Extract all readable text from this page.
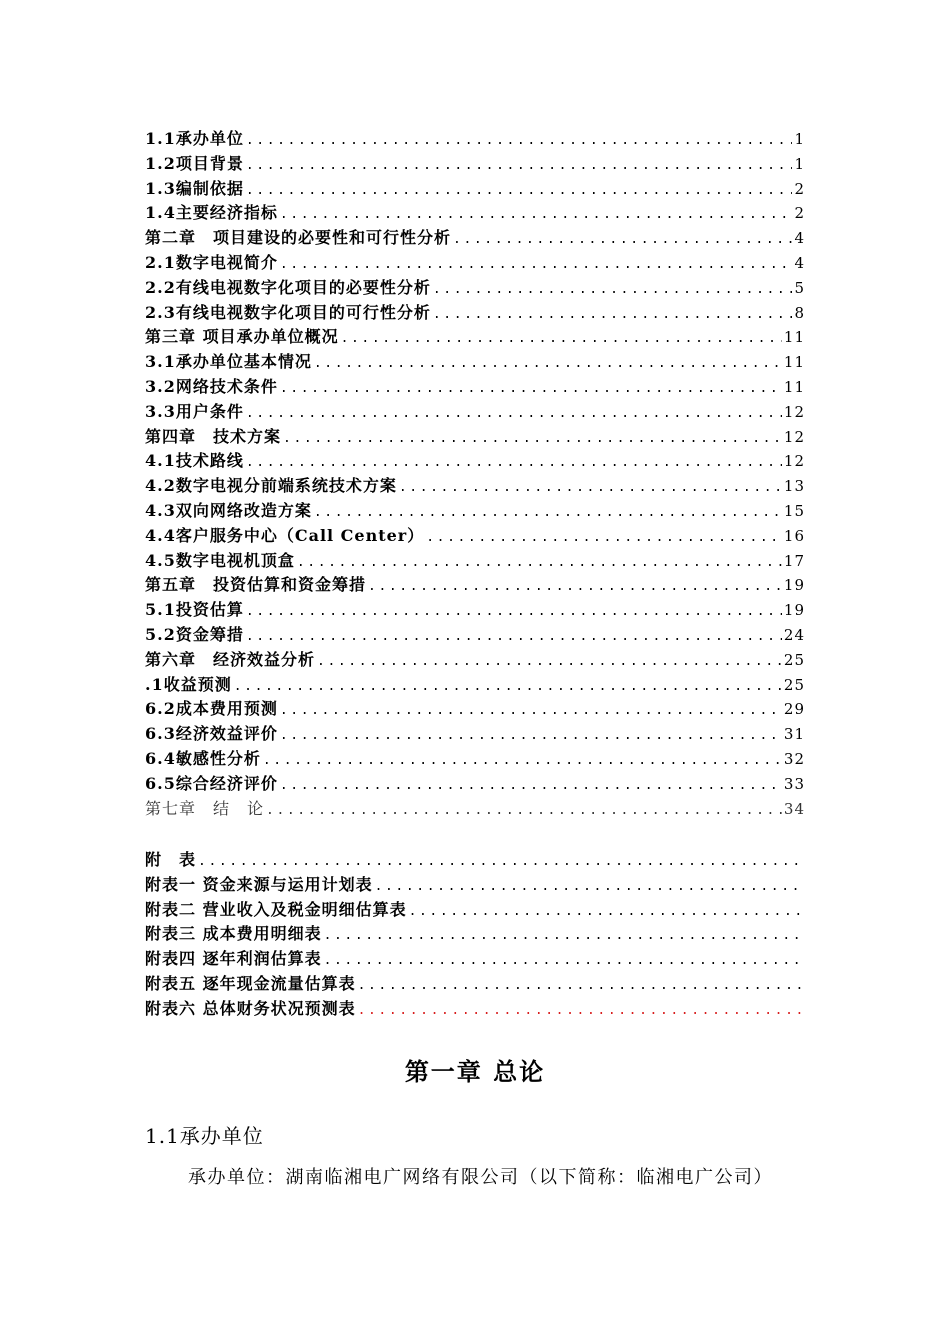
1.1承办单位 .....	1
1.2项目背景 .....	1
1.3编制依据 .....	2
1.4主要经济指标 .....	2
第二章　项目建设的必要性和可行性分析 .....	4
2.1数字电视简介 .....	4
2.2有线电视数字化项目的必要性分析 .....	5
2.3有线电视数字化项目的可行性分析 .....	8
第三章 项目承办单位概况 .....	11
3.1承办单位基本情况 .....	11
3.2网络技术条件 .....	11
3.3用户条件 .....	12
第四章　技术方案 .....	12
4.1技术路线 .....	12
4.2数字电视分前端系统技术方案 .....	13
4.3双向网络改造方案 .....	15
4.4客户服务中心（Call Center） .....	16
4.5数字电视机顶盒 .....	17
第五章　投资估算和资金筹措 .....	19
5.1投资估算 .....	19
5.2资金筹措 .....	24
第六章　经济效益分析 .....	25
.1收益预测 .....	25
6.2成本费用预测 .....	29
6.3经济效益评价 .....	31
6.4敏感性分析 .....	32
6.5综合经济评价 .....	33
第七章　结　论 .....	34
附　表
.....
附表一 资金来源与运用计划表
.....
附表二 营业收入及税金明细估算表
.....
附表三 成本费用明细表
.....
附表四 逐年利润估算表
.....
附表五 逐年现金流量估算表
.....
附表六 总体财务状况预测表
.....
第一章 总论
1.1承办单位
承办单位：湖南临湘电广网络有限公司（以下简称：临湘电广公司）
